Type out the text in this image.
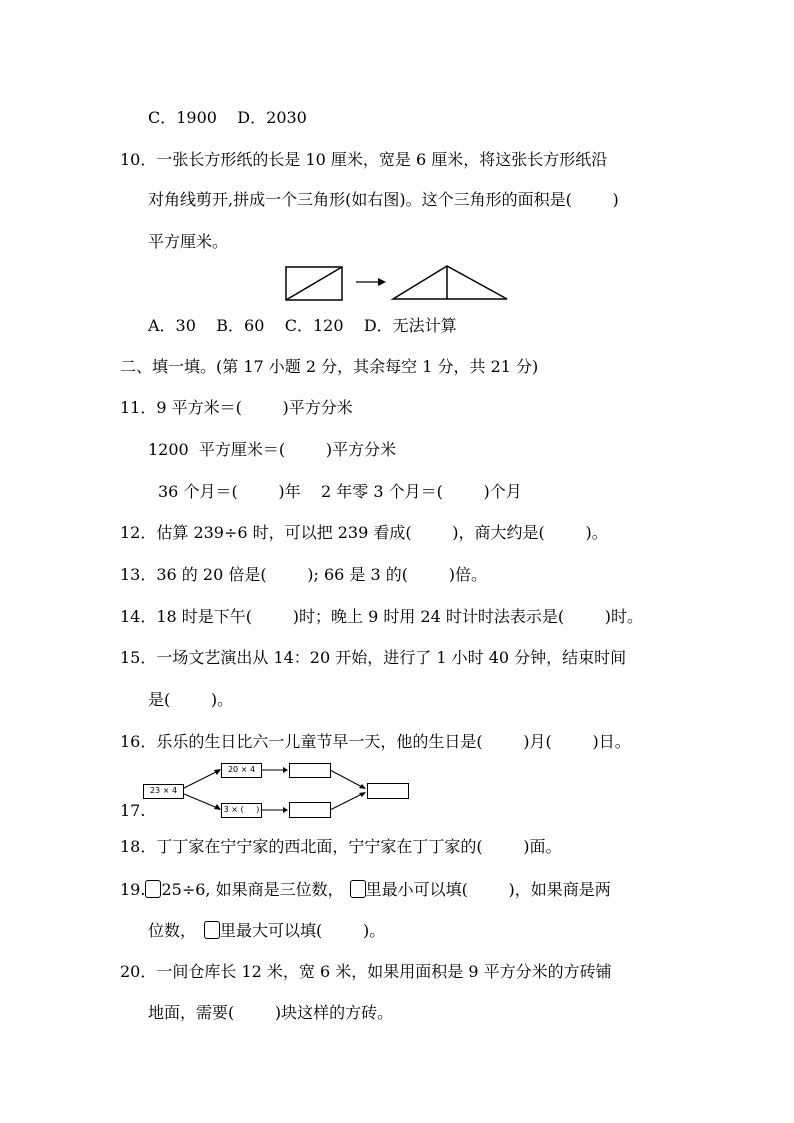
C．1900    D．2030
10．一张长方形纸的长是 10 厘米，宽是 6 厘米，将这张长方形纸沿
对角线剪开,拼成一个三角形(如右图)。这个三角形的面积是(        )
平方厘米。
A．30    B．60    C．120    D．无法计算
二、填一填。(第 17 小题 2 分，其余每空 1 分，共 21 分)
11．9 平方米＝(        )平方分米
1200  平方厘米＝(        )平方分米
36 个月＝(        )年    2 年零 3 个月＝(        )个月
12．估算 239÷6 时，可以把 239 看成(        )，商大约是(        )。
13．36 的 20 倍是(        ); 66 是 3 的(        )倍。
14．18 时是下午(        )时；晚上 9 时用 24 时计时法表示是(        )时。
15．一场文艺演出从 14：20 开始，进行了 1 小时 40 分钟，结束时间
是(        )。
16．乐乐的生日比六一儿童节早一天，他的生日是(        )月(        )日。
17.
23 × 4
20 × 4
3 × (     )
18．丁丁家在宁宁家的西北面，宁宁家在丁丁家的(        )面。
19. 25÷6, 如果商是三位数， 里最小可以填(        )，如果商是两
位数， 里最大可以填(        )。
20．一间仓库长 12 米，宽 6 米，如果用面积是 9 平方分米的方砖铺
地面，需要(        )块这样的方砖。
